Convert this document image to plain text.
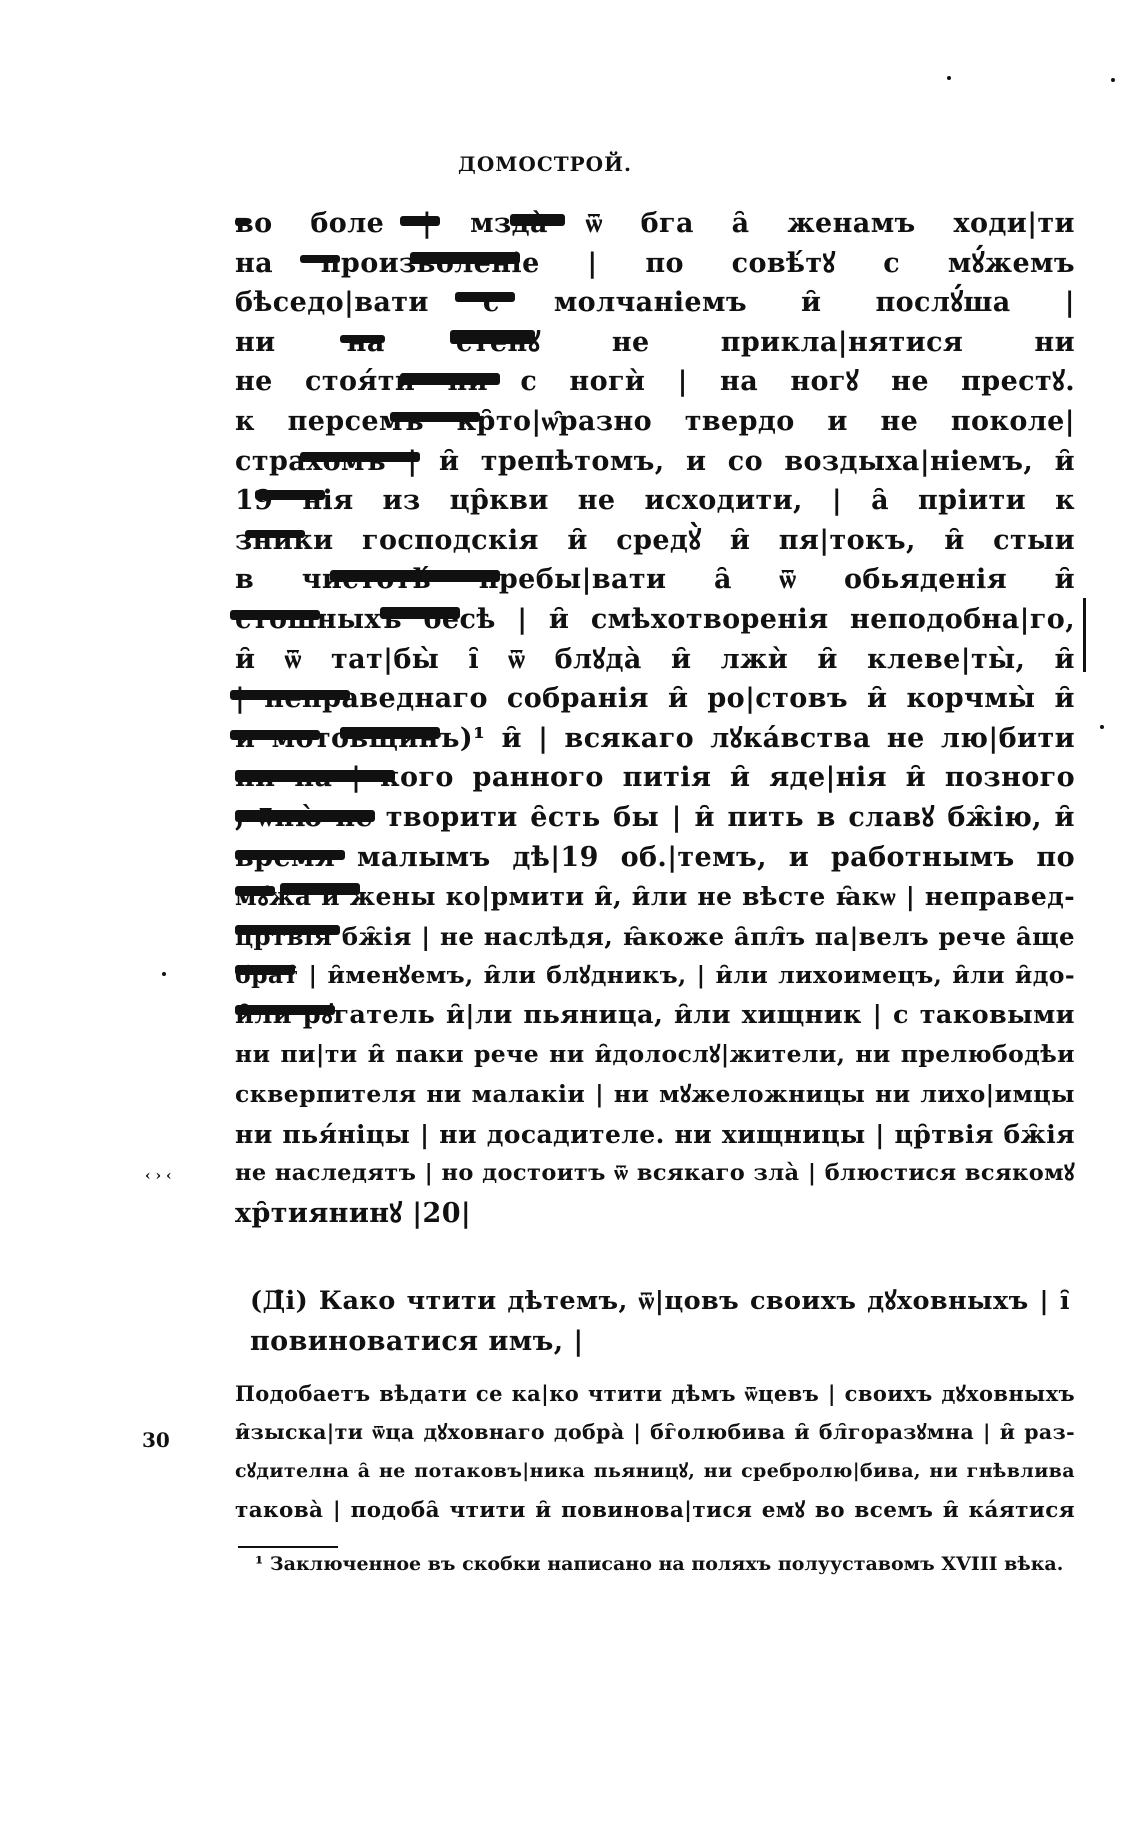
ДОМОСТРОЙ.
во боле | мздà ѿ бга а̑ женамъ ходи|ти
на произволенiе | по совѣ́тꙋ с мꙋ́жемъ
бѣседо|вати с молчанiемъ и̑ послꙋ́ша |
ни на стенꙋ не прикла|нятися ни
не стоя́ти ни с ногѝ | на ногꙋ не престꙋ.
к персемъ кр̑то|ѡ̑разно твердо и не поколе|
страхомъ | и̑ трепѣтомъ, и со воздыха|нiемъ, и̑
19 нiя из цр̑кви не исходити, | а̑ прiити к
зники господскiя и̑ средꙋ̀ и̑ пя|токъ, и̑ стыи
в чистотѣ́ пребы|вати а̑ ѿ обьяденiя и̑
стошныхъ бесѣ | и̑ смѣхотворенiя неподобна|го,
и̑ ѿ тат|бы̀ і̑ ѿ блꙋда̀ и̑ лжѝ и̑ клеве|ты̀, и̑
| неправеднаго собранiя и̑ ро|стовъ и̑ корчмы̀ и̑
и мотовщинъ)¹ и̑ | всякаго лꙋка́вства не лю|бити
ни на | кого ранного питiя и̑ яде|нiя и̑ позного
, ѿню̀ не творити е̑сть бы | и̑ пить в славꙋ бж̑iю, и̑
время малымъ дѣ|19 об.|темъ, и работнымъ по
мꙋжа и̑ жены ко|рмити и̑, и̑ли не вѣсте ꙗ̑кѡ | неправед-
цр̑твiя бж̑iя | не наслѣдя, ꙗ̑коже а̑пл̑ъ па|велъ рече а̑ще
брат̑ | и̑менꙋемъ, и̑ли блꙋдникъ, | и̑ли лихоимецъ, и̑ли и̑до-
и̑ли рꙋгатель и̑|ли пьяница, и̑ли хищник | с таковыми
ни пи|ти и̑ паки рече ни и̑долослꙋ|жители, ни прелюбодѣи
скверпителя ни малакiи | ни мꙋжеложницы ни лихо|имцы
ни пья́нiцы | ни досадителе. ни хищницы | цр̑твiя бж̑iя
не наследятъ | но достоитъ ѿ всякаго зла̀ | блюстися всякомꙋ
хр̑тиянинꙋ |20|
‹ › ‹
30
(Д̑і) Како чтити дѣтемъ, ѿ|цовъ своихъ дꙋховныхъ | і̑
повиноватися имъ, |
Подобаетъ вѣдати се ка|ко чтити дѣмъ ѿцевъ | своихъ дꙋховныхъ
и̑зыска|ти ѿца дꙋховнаго добра̀ | бг̑олюбива и̑ бл̑горазꙋмна | и̑ раз-
сꙋдителна а̑ не потаковъ|ника пьяницꙋ, ни сребролю|бива, ни гнѣвлива
таковà | подоба̑ чтити и̑ повинова|тися емꙋ во всемъ и̑ ка́ятися
¹ Заключенное въ скобки написано на поляхъ полууставомъ XVIII вѣка.
